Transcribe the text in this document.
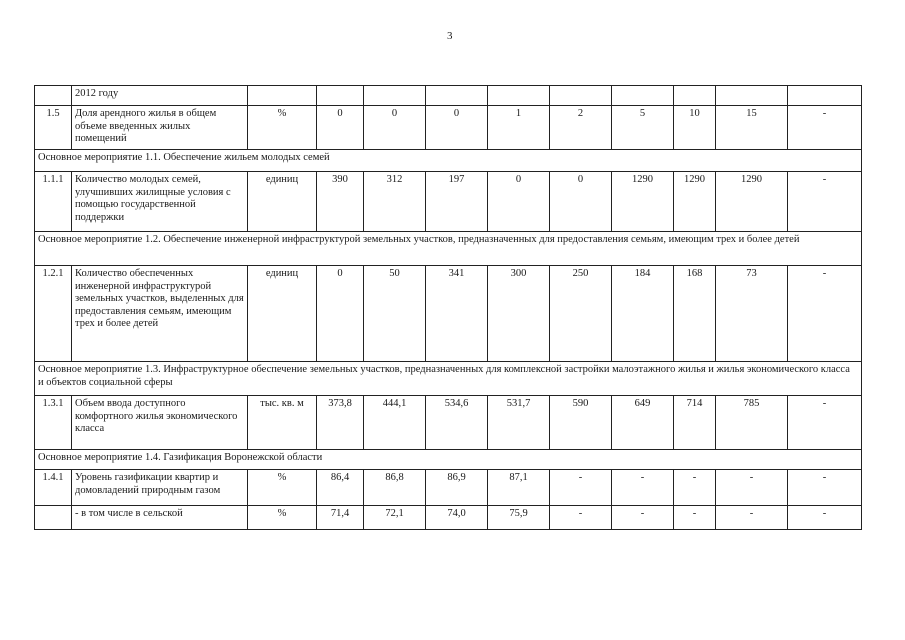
3
	2012 году										
1.5	Доля арендного жилья в общем объеме введенных жилых помещений	%	0	0	0	1	2	5	10	15	-
Основное мероприятие 1.1. Обеспечение жильем молодых семей											
1.1.1	Количество молодых семей, улучшивших жилищные условия с помощью государственной поддержки	единиц	390	312	197	0	0	1290	1290	1290	-
Основное мероприятие 1.2. Обеспечение инженерной инфраструктурой земельных участков, предназначенных для предоставления семьям, имеющим трех и более детей											
1.2.1	Количество обеспеченных инженерной инфраструктурой земельных участков, выделенных для предоставления семьям, имеющим трех и более детей	единиц	0	50	341	300	250	184	168	73	-
Основное мероприятие 1.3. Инфраструктурное обеспечение земельных участков, предназначенных для комплексной застройки малоэтажного жилья и жилья экономического класса и объектов социальной сферы											
1.3.1	Объем ввода доступного комфортного жилья экономического класса	тыс. кв. м	373,8	444,1	534,6	531,7	590	649	714	785	-
Основное мероприятие 1.4. Газификация Воронежской области											
1.4.1	Уровень газификации квартир и домовладений природным газом	%	86,4	86,8	86,9	87,1	-	-	-	-	-
	- в том числе в сельской	%	71,4	72,1	74,0	75,9	-	-	-	-	-
